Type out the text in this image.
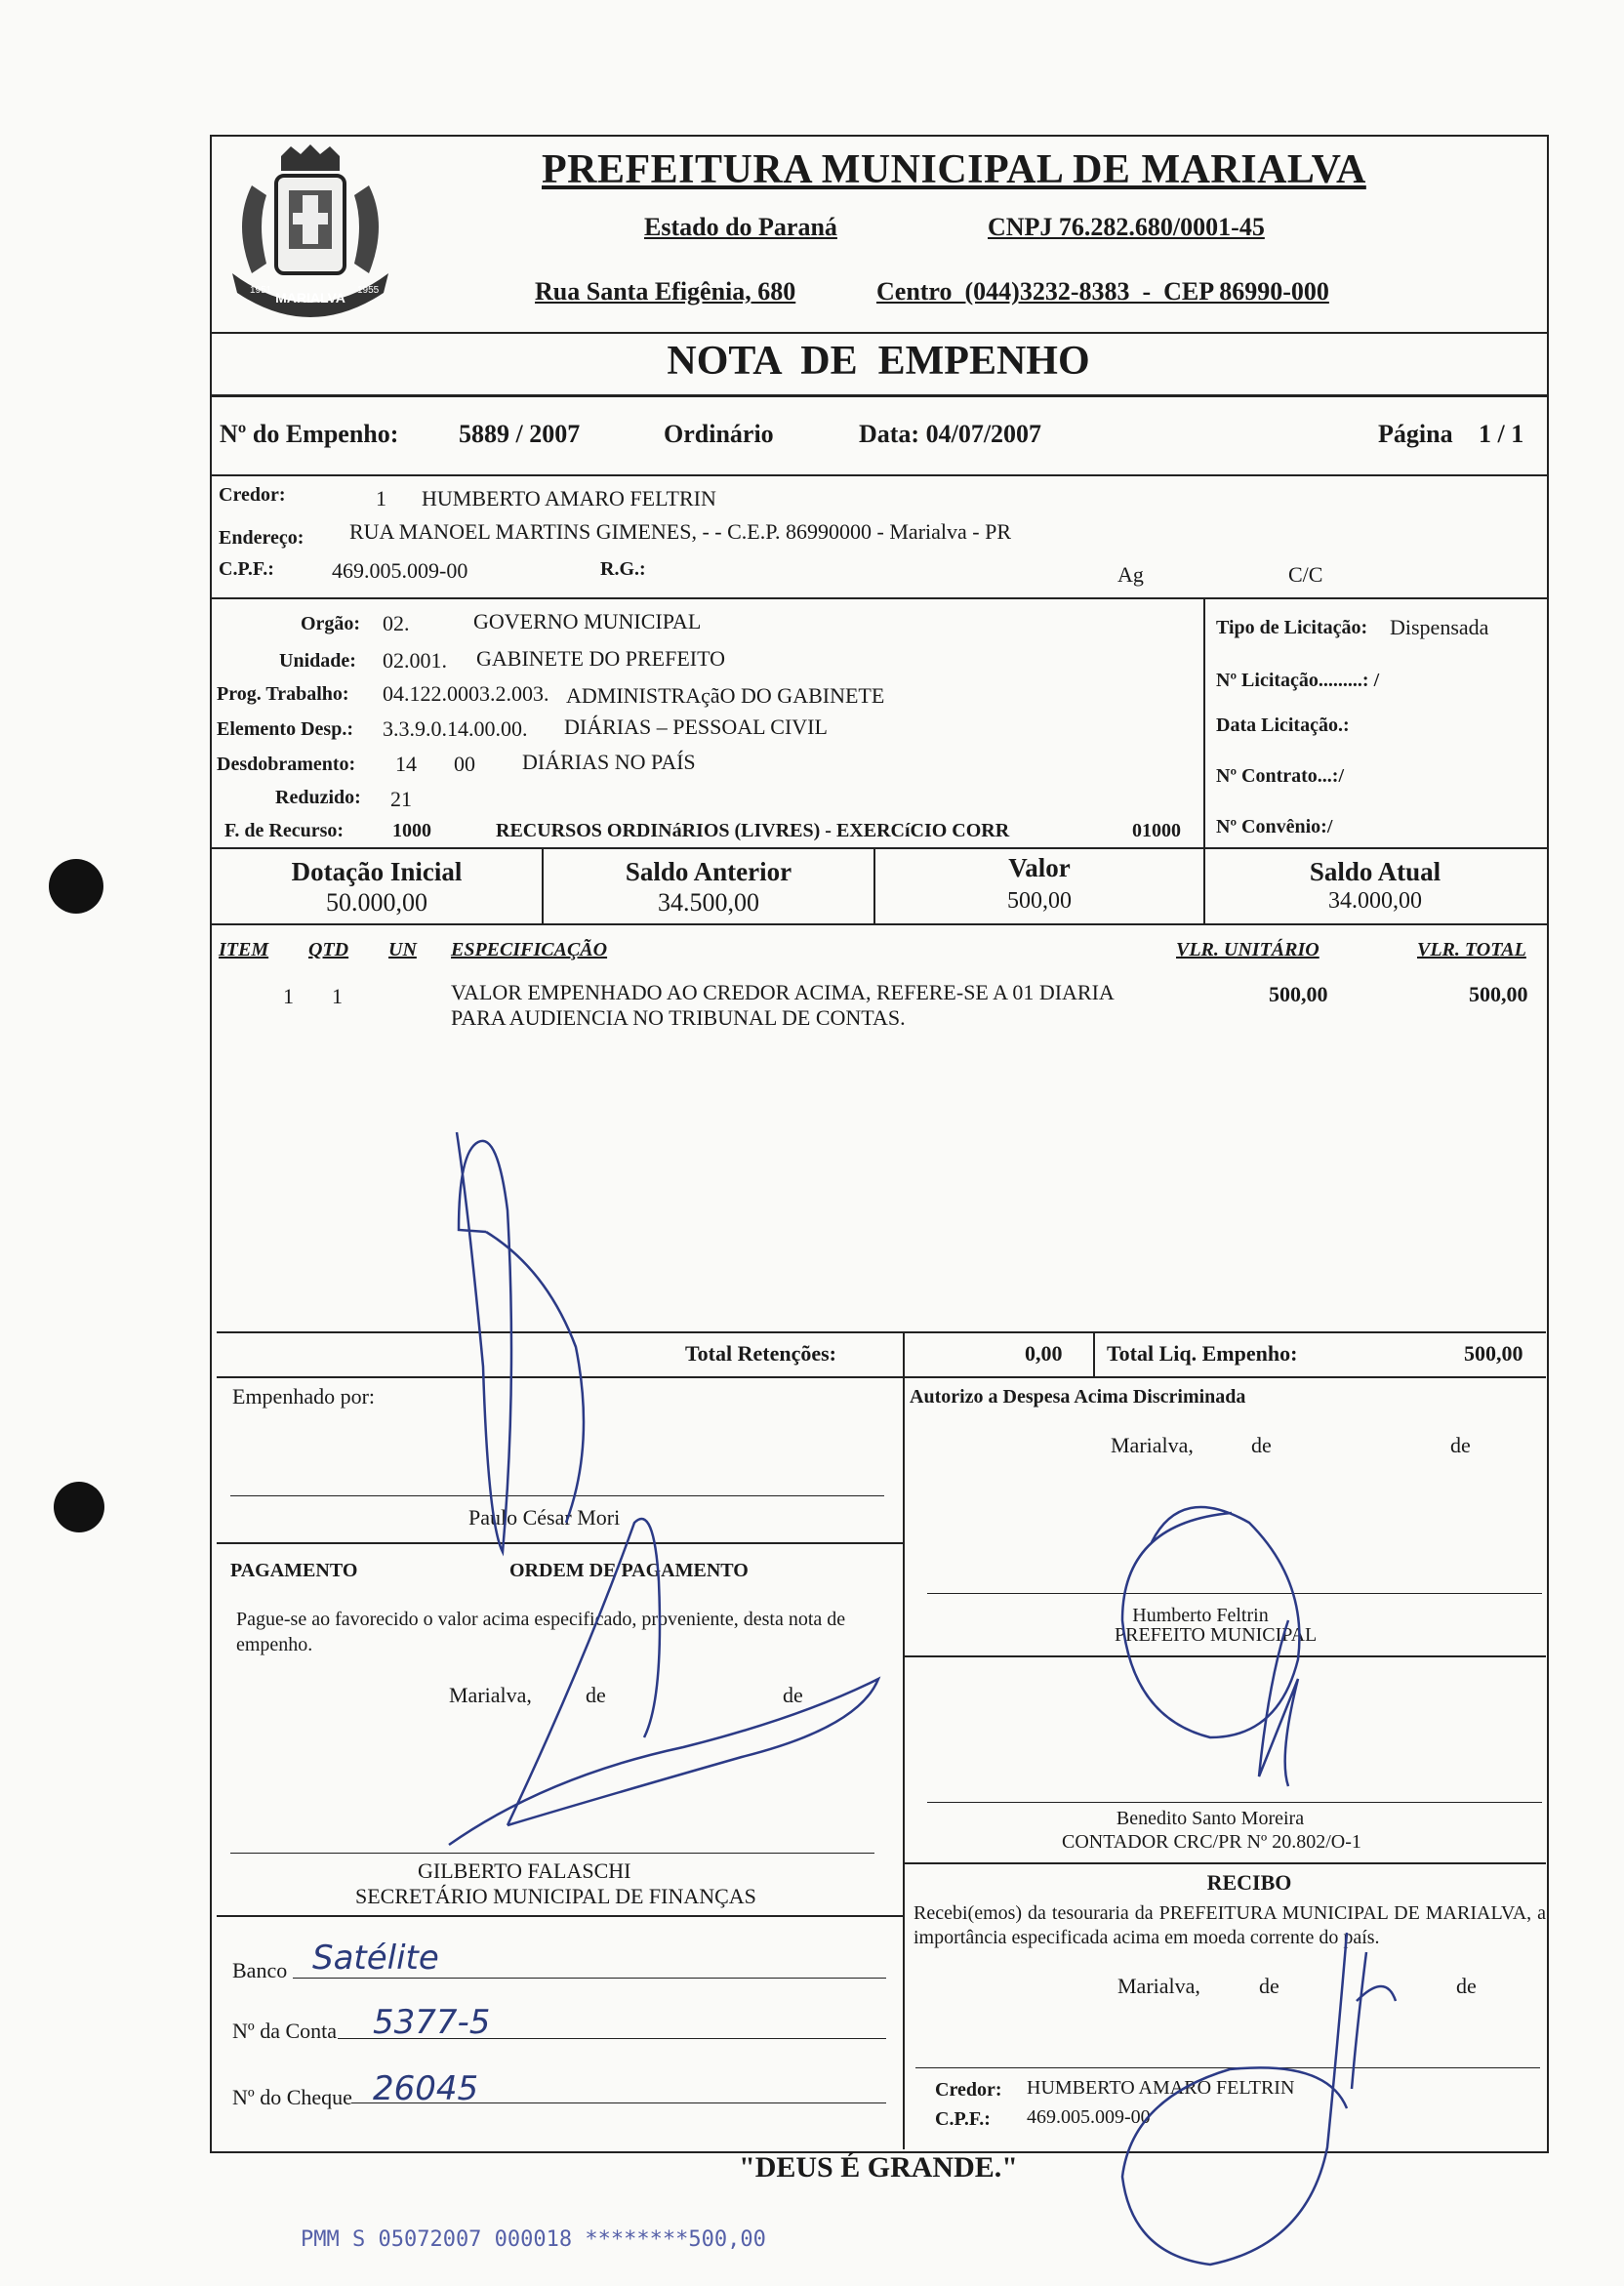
MARIALVA
1951	1955
PREFEITURA MUNICIPAL DE MARIALVA
Estado do Paraná	CNPJ 76.282.680/0001-45
Rua Santa Efigênia, 680	Centro  (044)3232-8383  -  CEP 86990-000
NOTA  DE  EMPENHO
Nº do Empenho: 5889 / 2007	Ordinário	Data: 04/07/2007	Página 1 / 1
Credor:	1 HUMBERTO AMARO FELTRIN
Endereço: RUA MANOEL MARTINS GIMENES, - - C.E.P. 86990000 - Marialva - PR
C.P.F.:	469.005.009-00	R.G.:	Ag	C/C
Orgão: 02.	GOVERNO MUNICIPAL
Unidade: 02.001. GABINETE DO PREFEITO
Prog. Trabalho: 04.122.0003.2.003. ADMINISTRAçãO DO GABINETE
Elemento Desp.: 3.3.9.0.14.00.00. DIÁRIAS – PESSOAL CIVIL
Desdobramento: 14 00 DIÁRIAS NO PAÍS
Reduzido: 21
F. de Recurso: 1000	RECURSOS ORDINáRIOS (LIVRES) - EXERCíCIO CORR	01000
Tipo de Licitação: Dispensada
Nº Licitação.........: /
Data Licitação.:
Nº Contrato...:/
Nº Convênio:/
Dotação Inicial
50.000,00
Saldo Anterior
34.500,00
Valor
500,00
Saldo Atual
34.000,00
ITEM QTD UN ESPECIFICAÇÃO	VLR. UNITÁRIO	VLR. TOTAL
1 1	VALOR EMPENHADO AO CREDOR ACIMA, REFERE-SE A 01 DIARIA
PARA AUDIENCIA NO TRIBUNAL DE CONTAS.
500,00	500,00
Total Retenções:	0,00 Total Liq. Empenho:	500,00
Empenhado por:
Paulo César Mori
PAGAMENTO	ORDEM DE PAGAMENTO
Pague-se ao favorecido o valor acima especificado, proveniente, desta nota de empenho.
Marialva,	de	de
GILBERTO FALASCHI
SECRETÁRIO MUNICIPAL DE FINANÇAS
Banco Satélite
Nº da Conta 5377-5
Nº do Cheque 26045
Autorizo a Despesa Acima Discriminada
Marialva,	de	de
Humberto Feltrin
PREFEITO MUNICIPAL
Benedito Santo Moreira
CONTADOR CRC/PR Nº 20.802/O-1
RECIBO
Recebi(emos) da tesouraria da PREFEITURA MUNICIPAL DE MARIALVA, a importância especificada acima em moeda corrente do país.
Marialva,	de	de
Credor: HUMBERTO AMARO FELTRIN
C.P.F.: 469.005.009-00
"DEUS É GRANDE."
PMM S 05072007 000018 ********500,00
